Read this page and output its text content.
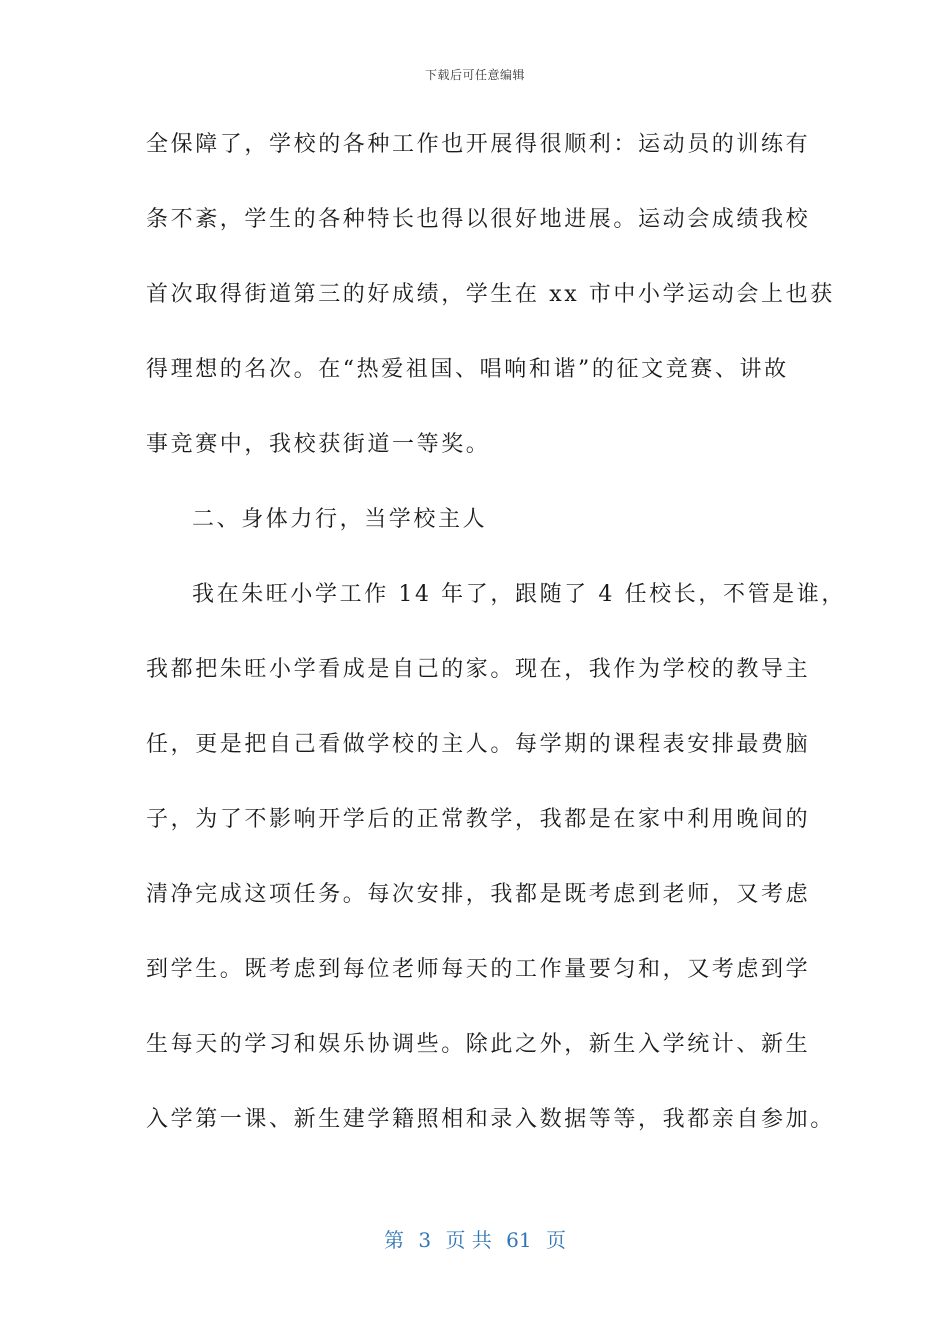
下载后可任意编辑
全保障了，学校的各种工作也开展得很顺利：运动员的训练有
条不紊，学生的各种特长也得以很好地进展。运动会成绩我校
首次取得街道第三的好成绩，学生在 xx 市中小学运动会上也获
得理想的名次。在“热爱祖国、唱响和谐”的征文竞赛、讲故
事竞赛中，我校获街道一等奖。
二、身体力行，当学校主人
我在朱旺小学工作 14 年了，跟随了 4 任校长，不管是谁，
我都把朱旺小学看成是自己的家。现在，我作为学校的教导主
任，更是把自己看做学校的主人。每学期的课程表安排最费脑
子，为了不影响开学后的正常教学，我都是在家中利用晚间的
清净完成这项任务。每次安排，我都是既考虑到老师，又考虑
到学生。既考虑到每位老师每天的工作量要匀和，又考虑到学
生每天的学习和娱乐协调些。除此之外，新生入学统计、新生
入学第一课、新生建学籍照相和录入数据等等，我都亲自参加。
第 3 页 共 61 页
